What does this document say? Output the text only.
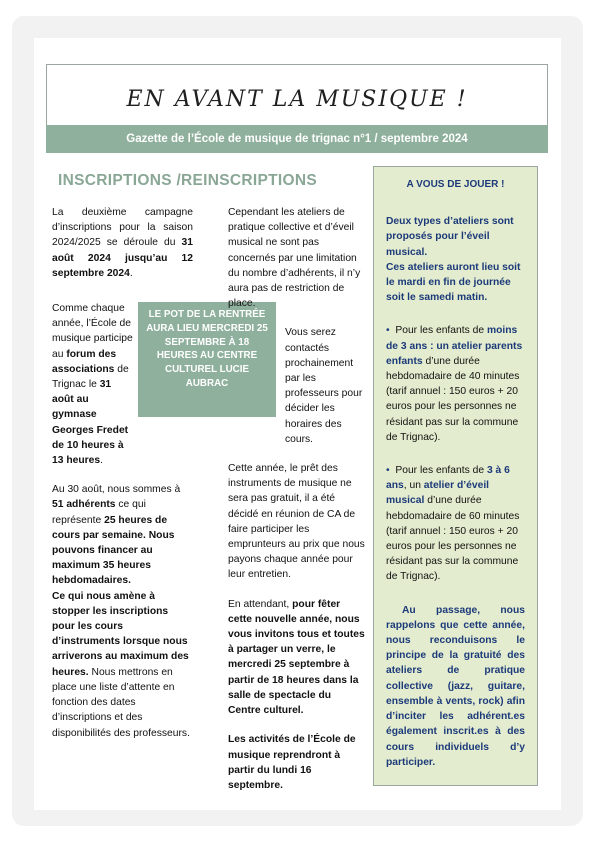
EN AVANT LA MUSIQUE !
Gazette de l’École de musique de trignac n°1 / septembre 2024
INSCRIPTIONS /REINSCRIPTIONS

La deuxième campagne d’inscriptions pour la saison 2024/2025 se déroule du 31 août 2024 jusqu’au 12 septembre 2024.

Comme chaque année, l’École de musique participe au forum des associations de Trignac le 31 août au gymnase Georges Fredet de 10 heures à 13 heures.

Au 30 août, nous sommes à 51 adhérents ce qui représente 25 heures de cours par semaine. Nous pouvons financer au maximum 35 heures hebdomadaires.
Ce qui nous amène à stopper les inscriptions pour les cours d’instruments lorsque nous arriverons au maximum des heures. Nous mettrons en place une liste d’attente en fonction des dates d’inscriptions et des disponibilités des professeurs.

LE POT DE LA RENTRÉE AURA LIEU MERCREDI 25 SEPTEMBRE À 18 HEURES AU CENTRE CULTUREL LUCIE AUBRAC

Cependant les ateliers de pratique collective et d’éveil musical ne sont pas concernés par une limitation du nombre d’adhérents, il n’y aura pas de restriction de place.

Vous serez contactés prochainement par les professeurs pour décider les horaires des cours.

Cette année, le prêt des instruments de musique ne sera pas gratuit, il a été décidé en réunion de CA de faire participer les emprunteurs au prix que nous payons chaque année pour leur entretien.

En attendant, pour fêter cette nouvelle année, nous vous invitons tous et toutes à partager un verre, le mercredi 25 septembre à partir de 18 heures dans la salle de spectacle du Centre culturel.

Les activités de l’École de musique reprendront à partir du lundi 16 septembre.

A VOUS DE JOUER !

Deux types d’ateliers sont proposés pour l’éveil musical.
Ces ateliers auront lieu soit le mardi en fin de journée soit le samedi matin.

• Pour les enfants de moins de 3 ans : un atelier parents enfants d’une durée hebdomadaire de 40 minutes (tarif annuel : 150 euros + 20 euros pour les personnes ne résidant pas sur la commune de Trignac).

• Pour les enfants de 3 à 6 ans, un atelier d’éveil musical d’une durée hebdomadaire de 60 minutes (tarif annuel : 150 euros + 20 euros pour les personnes ne résidant pas sur la commune de Trignac).

Au passage, nous rappelons que cette année, nous reconduisons le principe de la gratuité des ateliers de pratique collective (jazz, guitare, ensemble à vents, rock) afin d’inciter les adhérent.es également inscrit.es à des cours individuels d’y participer.
